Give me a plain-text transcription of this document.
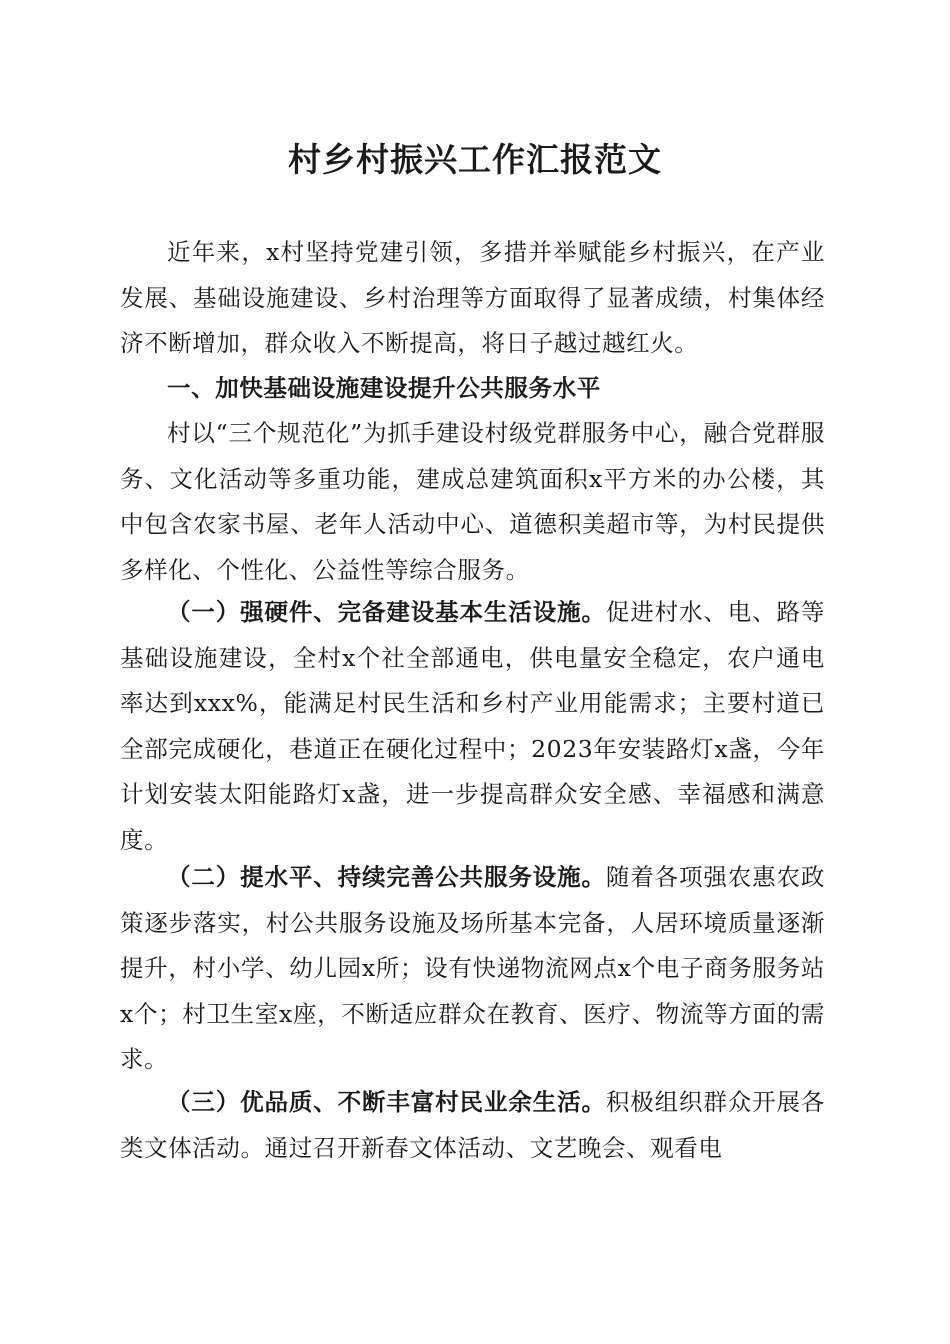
村乡村振兴工作汇报范文

近年来，x村坚持党建引领，多措并举赋能乡村振兴，在产业发展、基础设施建设、乡村治理等方面取得了显著成绩，村集体经济不断增加，群众收入不断提高，将日子越过越红火。

一、加快基础设施建设提升公共服务水平

村以“三个规范化”为抓手建设村级党群服务中心，融合党群服务、文化活动等多重功能，建成总建筑面积x平方米的办公楼，其中包含农家书屋、老年人活动中心、道德积美超市等，为村民提供多样化、个性化、公益性等综合服务。

（一）强硬件、完备建设基本生活设施。促进村水、电、路等基础设施建设，全村x个社全部通电，供电量安全稳定，农户通电率达到xxx%，能满足村民生活和乡村产业用能需求；主要村道已全部完成硬化，巷道正在硬化过程中；2023年安装路灯x盏，今年计划安装太阳能路灯x盏，进一步提高群众安全感、幸福感和满意度。

（二）提水平、持续完善公共服务设施。随着各项强农惠农政策逐步落实，村公共服务设施及场所基本完备，人居环境质量逐渐提升，村小学、幼儿园x所；设有快递物流网点x个电子商务服务站x个；村卫生室x座，不断适应群众在教育、医疗、物流等方面的需求。

（三）优品质、不断丰富村民业余生活。积极组织群众开展各类文体活动。通过召开新春文体活动、文艺晚会、观看电
